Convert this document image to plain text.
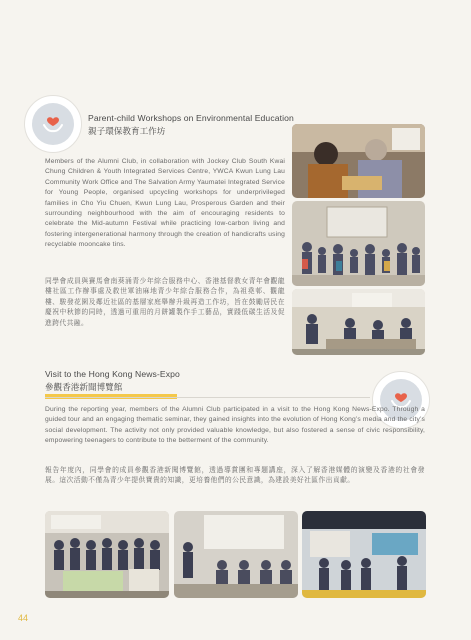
Parent-child Workshops on Environmental Education
親子環保教育工作坊
Members of the Alumni Club, in collaboration with Jockey Club South Kwai Chung Children & Youth Integrated Services Centre, YWCA Kwun Lung Lau Community Work Office and The Salvation Army Yaumatei Integrated Service for Young People, organised upcycling workshops for underprivileged families in Cho Yiu Chuen, Kwun Lung Lau, Prosperous Garden and their surrounding neighbourhood with the aim of encouraging residents to celebrate the Mid-autumn Festival while practicing low-carbon living and fostering intergenerational harmony through the creation of handicrafts using recyclable mooncake tins.
同學會成員與賽馬會南葵涌青少年綜合服務中心、香港基督教女青年會觀龍樓社區工作辦事處及救世軍油麻地青少年綜合服務合作，為祖堯邨、觀龍樓、駿發花園及鄰近社區的基層家庭舉辦升級再造工作坊，旨在鼓勵居民在慶祝中秋節的同時，透過可重用的月餅罐製作手工藝品，實踐低碳生活及促進跨代共融。
Visit to the Hong Kong News-Expo
參觀香港新聞博覽館
During the reporting year, members of the Alumni Club participated in a visit to the Hong Kong News-Expo. Through a guided tour and an engaging thematic seminar, they gained insights into the evolution of Hong Kong’s media and the city’s social development. The activity not only provided valuable knowledge, but also fostered a sense of civic responsibility, empowering teenagers to contribute to the betterment of the community.
報告年度內，同學會的成員參觀香港新聞博覽館，透過導賞團和專題講座，深入了解香港媒體的演變及香港的社會發展。這次活動不僅為青少年提供寶貴的知識，更培養他們的公民意識，為建設美好社區作出貢獻。
44
